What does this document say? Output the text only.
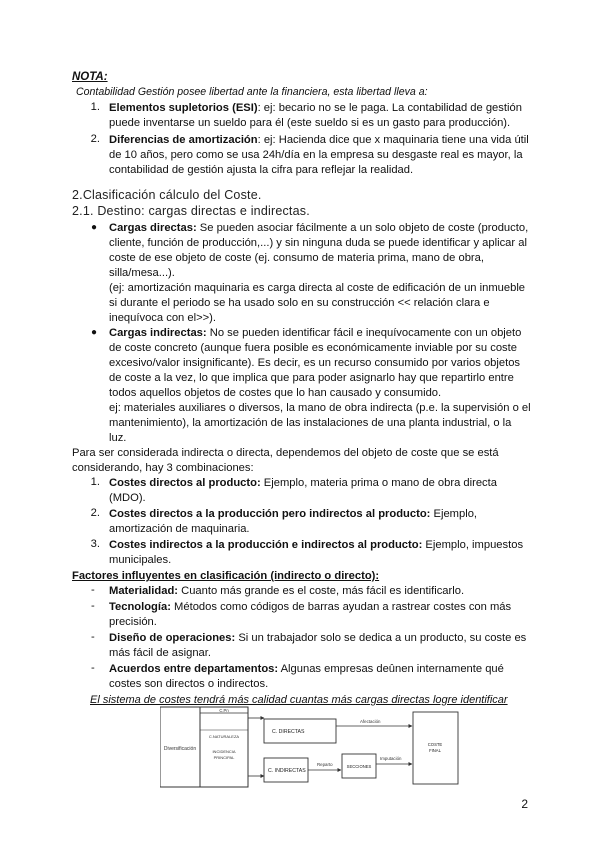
NOTA:
Contabilidad Gestión posee libertad ante la financiera, esta libertad lleva a:
1. Elementos supletorios (ESI): ej: becario no se le paga. La contabilidad de gestión
puede inventarse un sueldo para él (este sueldo si es un gasto para producción).
2. Diferencias de amortización: ej: Hacienda dice que x maquinaria tiene una vida útil
de 10 años, pero como se usa 24h/día en la empresa su desgaste real es mayor, la
contabilidad de gestión ajusta la cifra para reflejar la realidad.
2.Clasificación cálculo del Coste.
2.1. Destino: cargas directas e indirectas.
● Cargas directas: Se pueden asociar fácilmente a un solo objeto de coste (producto,
cliente, función de producción,...) y sin ninguna duda se puede identificar y aplicar al
coste de ese objeto de coste (ej. consumo de materia prima, mano de obra,
silla/mesa...).
(ej: amortización maquinaria es carga directa al coste de edificación de un inmueble
si durante el periodo se ha usado solo en su construcción << relación clara e
inequívoca con el>>).
● Cargas indirectas: No se pueden identificar fácil e inequívocamente con un objeto
de coste concreto (aunque fuera posible es económicamente inviable por su coste
excesivo/valor insignificante). Es decir, es un recurso consumido por varios objetos
de coste a la vez, lo que implica que para poder asignarlo hay que repartirlo entre
todos aquellos objetos de costes que lo han causado y consumido.
ej: materiales auxiliares o diversos, la mano de obra indirecta (p.e. la supervisión o el
mantenimiento), la amortización de las instalaciones de una planta industrial, o la
luz.
Para ser considerada indirecta o directa, dependemos del objeto de coste que se está
considerando, hay 3 combinaciones:
1. Costes directos al producto: Ejemplo, materia prima o mano de obra directa
(MDO).
2. Costes directos a la producción pero indirectos al producto: Ejemplo,
amortización de maquinaria.
3. Costes indirectos a la producción e indirectos al producto: Ejemplo, impuestos
municipales.
Factores influyentes en clasificación (indirecto o directo):
- Materialidad: Cuanto más grande es el coste, más fácil es identificarlo.
- Tecnología: Métodos como códigos de barras ayudan a rastrear costes con más
precisión.
- Diseño de operaciones: Si un trabajador solo se dedica a un producto, su coste es
más fácil de asignar.
- Acuerdos entre departamentos: Algunas empresas deûnen internamente qué
costes son directos o indirectos.
El sistema de costes tendrá más calidad cuantas más cargas directas logre identificar
Diversificación
C.Pn
C.NATURALEZA
INCIDENCIA
PRINCIPAL
C. DIRECTAS
C. INDIRECTAS
Afectación
Reparto	SECCIONES
Imputación
COSTE
FINAL
2
